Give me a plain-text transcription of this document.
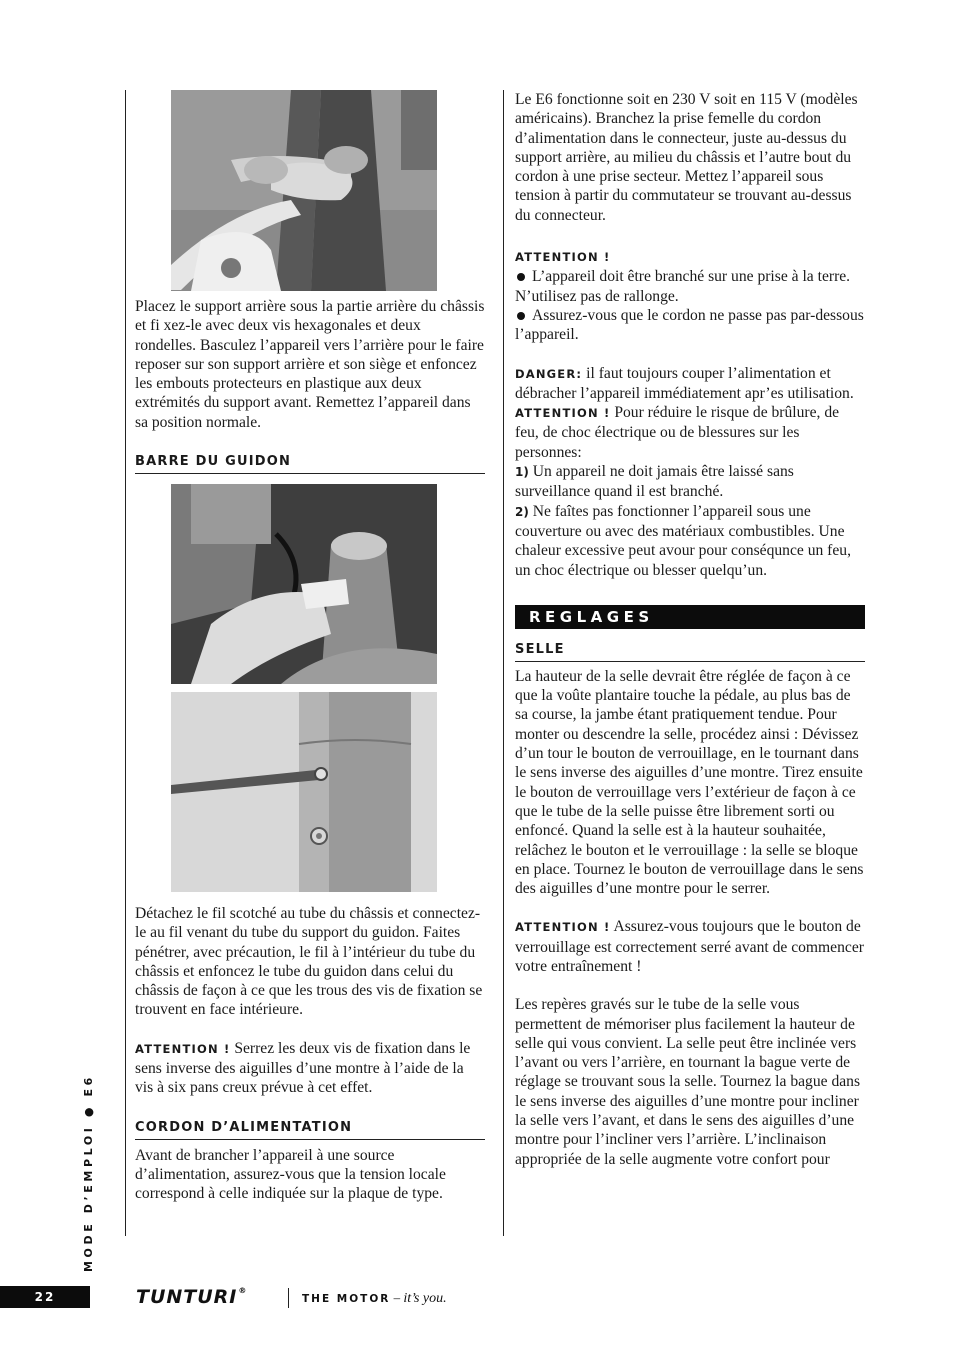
Placez le support arrière sous la partie arrière du châssis et fi xez-le avec deux vis hexagonales et deux rondelles. Basculez l’appareil vers l’arrière pour le faire reposer sur son support arrière et son siège et enfoncez les embouts protecteurs en plastique aux deux extrémités du support avant. Remettez l’appareil dans sa position normale.

BARRE DU GUIDON

Détachez le fil scotché au tube du châssis et connectez-le au fil venant du tube du support du guidon. Faites pénétrer, avec précaution, le fil à l’intérieur du tube du châssis et enfoncez le tube du guidon dans celui du châssis de façon à ce que les trous des vis de fixation se trouvent en face intérieure.

ATTENTION ! Serrez les deux vis de fixation dans le sens inverse des aiguilles d’une montre à l’aide de la vis à six pans creux prévue à cet effet.

CORDON D’ALIMENTATION

Avant de brancher l’appareil à une source d’alimentation, assurez-vous que la tension locale correspond à celle indiquée sur la plaque de type.

Le E6 fonctionne soit en 230 V soit en 115 V (modèles américains). Branchez la prise femelle du cordon d’alimentation dans le connecteur, juste au-dessus du support arrière, au milieu du châssis et l’autre bout du cordon à une prise secteur. Mettez l’appareil sous tension à partir du commutateur se trouvant au-dessus du connecteur.

ATTENTION !
L’appareil doit être branché sur une prise à la terre. N’utilisez pas de rallonge.
Assurez-vous que le cordon ne passe pas par-dessous l’appareil.

DANGER: il faut toujours couper l’alimentation et débracher l’appareil immédiatement apr’es utilisation.
ATTENTION ! Pour réduire le risque de brûlure, de feu, de choc électrique ou de blessures sur les personnes:
1) Un appareil ne doit jamais être laissé sans surveillance quand il est branché.
2) Ne faîtes pas fonctionner l’appareil sous une couverture ou avec des matériaux combustibles. Une chaleur excessive peut avour pour conséqunce un feu, un choc électrique ou blesser quelqu’un.

REGLAGES
SELLE

La hauteur de la selle devrait être réglée de façon à ce que la voûte plantaire touche la pédale, au plus bas de sa course, la jambe étant pratiquement tendue. Pour monter ou descendre la selle, procédez ainsi : Dévissez d’un tour le bouton de verrouillage, en le tournant dans le sens inverse des aiguilles d’une montre. Tirez ensuite le bouton de verrouillage vers l’extérieur de façon à ce que le tube de la selle puisse être librement sorti ou enfoncé. Quand la selle est à la hauteur souhaitée, relâchez le bouton et le verrouillage : la selle se bloque en place. Tournez le bouton de verrouillage dans le sens des aiguilles d’une montre pour le serrer.

ATTENTION ! Assurez-vous toujours que le bouton de verrouillage est correctement serré avant de commencer votre entraînement !

Les repères gravés sur le tube de la selle vous permettent de mémoriser plus facilement la hauteur de selle qui vous convient. La selle peut être inclinée vers l’avant ou vers l’arrière, en tournant la bague verte de réglage se trouvant sous la selle. Tournez la bague dans le sens inverse des aiguilles d’une montre pour incliner la selle vers l’avant, et dans le sens des aiguilles d’une montre pour l’incliner vers l’arrière. L’inclinaison appropriée de la selle augmente votre confort pour

MODE D’EMPLOI ● E6
22	TUNTURI®
THE MOTOR – it’s you.
